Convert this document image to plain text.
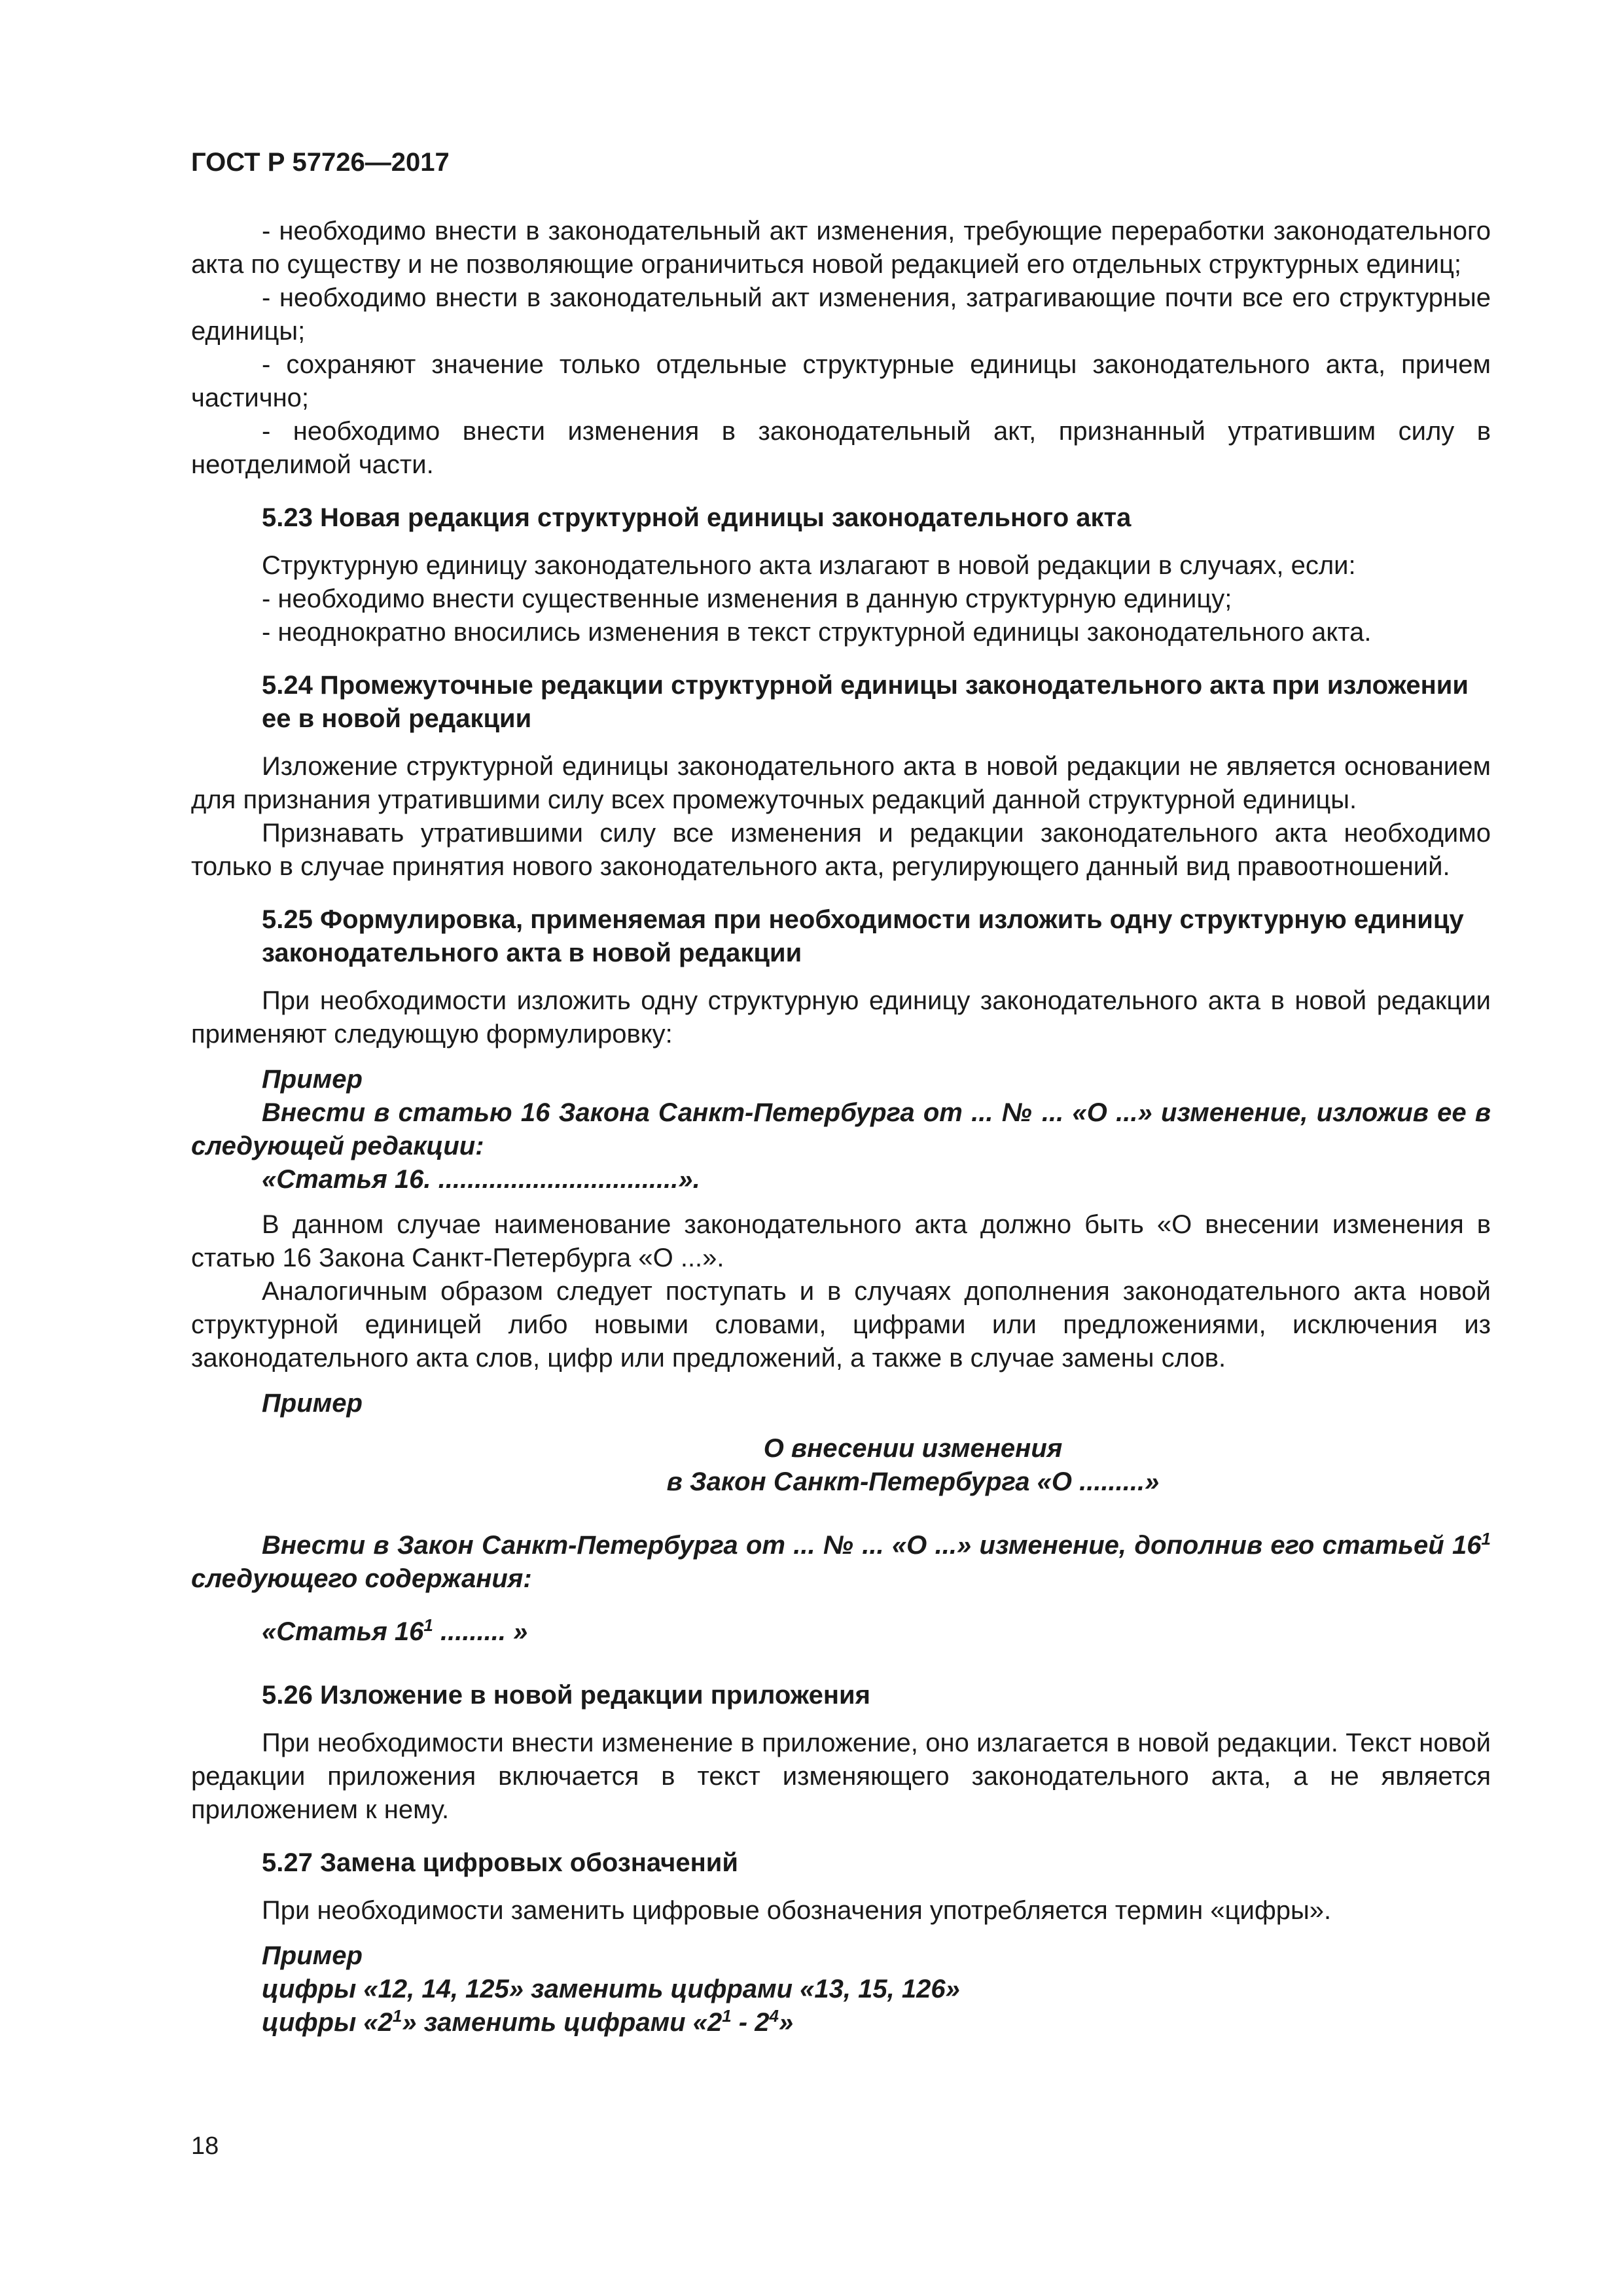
ГОСТ Р 57726—2017

- необходимо внести в законодательный акт изменения, требующие переработки законодательного акта по существу и не позволяющие ограничиться новой редакцией его отдельных структурных единиц;

- необходимо внести в законодательный акт изменения, затрагивающие почти все его структурные единицы;

- сохраняют значение только отдельные структурные единицы законодательного акта, причем частично;

- необходимо внести изменения в законодательный акт, признанный утратившим силу в неотделимой части.

5.23 Новая редакция структурной единицы законодательного акта

Структурную единицу законодательного акта излагают в новой редакции в случаях, если:

- необходимо внести существенные изменения в данную структурную единицу;

- неоднократно вносились изменения в текст структурной единицы законодательного акта.

5.24 Промежуточные редакции структурной единицы законодательного акта при изложении ее в новой редакции

Изложение структурной единицы законодательного акта в новой редакции не является основанием для признания утратившими силу всех промежуточных редакций данной структурной единицы.

Признавать утратившими силу все изменения и редакции законодательного акта необходимо только в случае принятия нового законодательного акта, регулирующего данный вид правоотношений.

5.25 Формулировка, применяемая при необходимости изложить одну структурную единицу законодательного акта в новой редакции

При необходимости изложить одну структурную единицу законодательного акта в новой редакции применяют следующую формулировку:

Пример

Внести в статью 16 Закона Санкт-Петербурга от ... № ... «О ...» изменение, изложив ее в следующей редакции:

«Статья 16. .................................».

В данном случае наименование законодательного акта должно быть «О внесении изменения в статью 16 Закона Санкт-Петербурга «О ...».

Аналогичным образом следует поступать и в случаях дополнения законодательного акта новой структурной единицей либо новыми словами, цифрами или предложениями, исключения из законодательного акта слов, цифр или предложений, а также в случае замены слов.

Пример

О внесении изменения

в Закон Санкт-Петербурга «О .........»

Внести в Закон Санкт-Петербурга от ... № ... «О ...» изменение, дополнив его статьей $16^1$ следующего содержания:

«Статья $16^1$ ......... »

5.26 Изложение в новой редакции приложения

При необходимости внести изменение в приложение, оно излагается в новой редакции. Текст новой редакции приложения включается в текст изменяющего законодательного акта, а не является приложением к нему.

5.27 Замена цифровых обозначений

При необходимости заменить цифровые обозначения употребляется термин «цифры».

Пример

цифры «12, 14, 125» заменить цифрами «13, 15, 126»

цифры «$2^1$» заменить цифрами «$2^1 - 2^4$»

18
